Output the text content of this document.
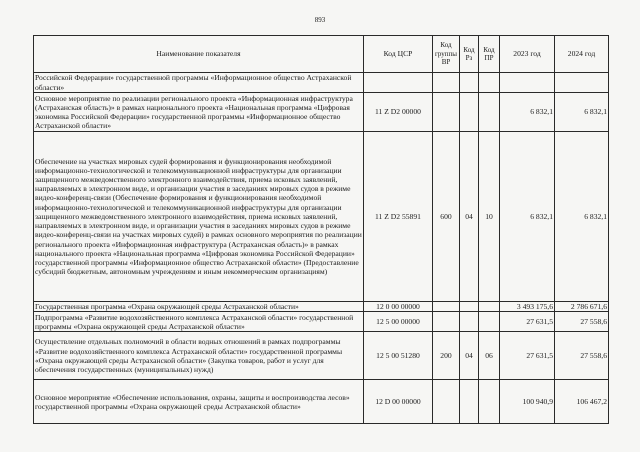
893
Наименование показателя	Код ЦСР	Код группы ВР	Код Рз	Код ПР	2023 год	2024 год
Российской Федерации» государственной программы «Информационное общество Астраханской области»						
Основное мероприятие по реализации регионального проекта «Информационная инфраструктура (Астраханская область)» в рамках национального проекта «Национальная программа «Цифровая экономика Российской Федерации» государственной программы «Информационное общество Астраханской области»	11 Z D2 00000				6 832,1	6 832,1
Обеспечение на участках мировых судей формирования и функционирования необходимой информационно-технологической и телекоммуникационной инфраструктуры для организации защищенного межведомственного электронного взаимодействия, приема исковых заявлений, направляемых в электронном виде, и организации участия в заседаниях мировых судов в режиме видео-конференц-связи (Обеспечение формирования и функционирования необходимой информационно-технологической и телекоммуникационной инфраструктуры для организации защищенного межведомственного электронного взаимодействия, приема исковых заявлений, направляемых в электронном виде, и организации участия в заседаниях мировых судов в режиме видео-конференц-связи на участках мировых судей) в рамках основного мероприятия по реализации регионального проекта «Информационная инфраструктура (Астраханская область)» в рамках национального проекта «Национальная программа «Цифровая экономика Российской Федерации» государственной программы «Информационное общество Астраханской области» (Предоставление субсидий бюджетным, автономным учреждениям и иным некоммерческим организациям)	11 Z D2 55891	600	04	10	6 832,1	6 832,1
Государственная программа «Охрана окружающей среды Астраханской области»	12 0 00 00000				3 493 175,6	2 786 671,6
Подпрограмма «Развитие водохозяйственного комплекса Астраханской области» государственной программы «Охрана окружающей среды Астраханской области»	12 5 00 00000				27 631,5	27 558,6
Осуществление отдельных полномочий в области водных отношений в рамках подпрограммы «Развитие водохозяйственного комплекса Астраханской области» государственной программы «Охрана окружающей среды Астраханской области» (Закупка товаров, работ и услуг для обеспечения государственных (муниципальных) нужд)	12 5 00 51280	200	04	06	27 631,5	27 558,6
Основное мероприятие «Обеспечение использования, охраны, защиты и воспроизводства лесов» государственной программы «Охрана окружающей среды Астраханской области»	12 D 00 00000				100 940,9	106 467,2
